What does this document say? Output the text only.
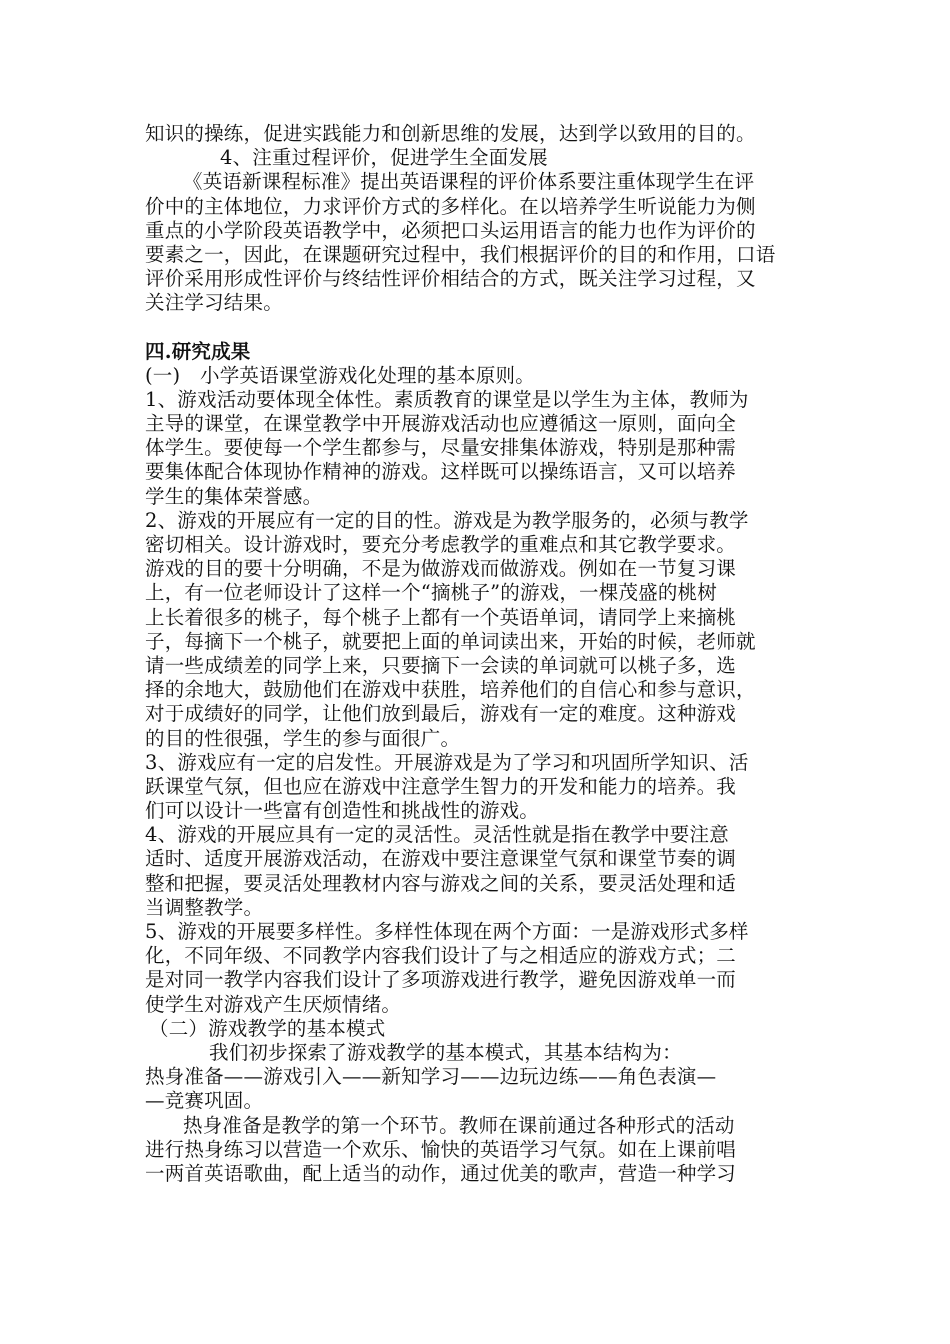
知识的操练，促进实践能力和创新思维的发展，达到学以致用的目的。
4、注重过程评价，促进学生全面发展
《英语新课程标准》提出英语课程的评价体系要注重体现学生在评
价中的主体地位，力求评价方式的多样化。在以培养学生听说能力为侧
重点的小学阶段英语教学中，必须把口头运用语言的能力也作为评价的
要素之一，因此，在课题研究过程中，我们根据评价的目的和作用，口语
评价采用形成性评价与终结性评价相结合的方式，既关注学习过程，又
关注学习结果。
四.研究成果
(一)　小学英语课堂游戏化处理的基本原则。
1、游戏活动要体现全体性。素质教育的课堂是以学生为主体，教师为
主导的课堂，在课堂教学中开展游戏活动也应遵循这一原则，面向全
体学生。要使每一个学生都参与，尽量安排集体游戏，特别是那种需
要集体配合体现协作精神的游戏。这样既可以操练语言，又可以培养
学生的集体荣誉感。
2、游戏的开展应有一定的目的性。游戏是为教学服务的，必须与教学
密切相关。设计游戏时，要充分考虑教学的重难点和其它教学要求。
游戏的目的要十分明确，不是为做游戏而做游戏。例如在一节复习课
上，有一位老师设计了这样一个“摘桃子”的游戏，一棵茂盛的桃树
上长着很多的桃子，每个桃子上都有一个英语单词，请同学上来摘桃
子，每摘下一个桃子，就要把上面的单词读出来，开始的时候，老师就
请一些成绩差的同学上来，只要摘下一会读的单词就可以桃子多，选
择的余地大，鼓励他们在游戏中获胜，培养他们的自信心和参与意识，
对于成绩好的同学，让他们放到最后，游戏有一定的难度。这种游戏
的目的性很强，学生的参与面很广。
3、游戏应有一定的启发性。开展游戏是为了学习和巩固所学知识、活
跃课堂气氛，但也应在游戏中注意学生智力的开发和能力的培养。我
们可以设计一些富有创造性和挑战性的游戏。
4、游戏的开展应具有一定的灵活性。灵活性就是指在教学中要注意
适时、适度开展游戏活动，在游戏中要注意课堂气氛和课堂节奏的调
整和把握，要灵活处理教材内容与游戏之间的关系，要灵活处理和适
当调整教学。
5、游戏的开展要多样性。多样性体现在两个方面：一是游戏形式多样
化，不同年级、不同教学内容我们设计了与之相适应的游戏方式；二
是对同一教学内容我们设计了多项游戏进行教学，避免因游戏单一而
使学生对游戏产生厌烦情绪。
（二）游戏教学的基本模式
我们初步探索了游戏教学的基本模式，其基本结构为：
热身准备——游戏引入——新知学习——边玩边练——角色表演—
—竞赛巩固。
热身准备是教学的第一个环节。教师在课前通过各种形式的活动
进行热身练习以营造一个欢乐、愉快的英语学习气氛。如在上课前唱
一两首英语歌曲，配上适当的动作，通过优美的歌声，营造一种学习
